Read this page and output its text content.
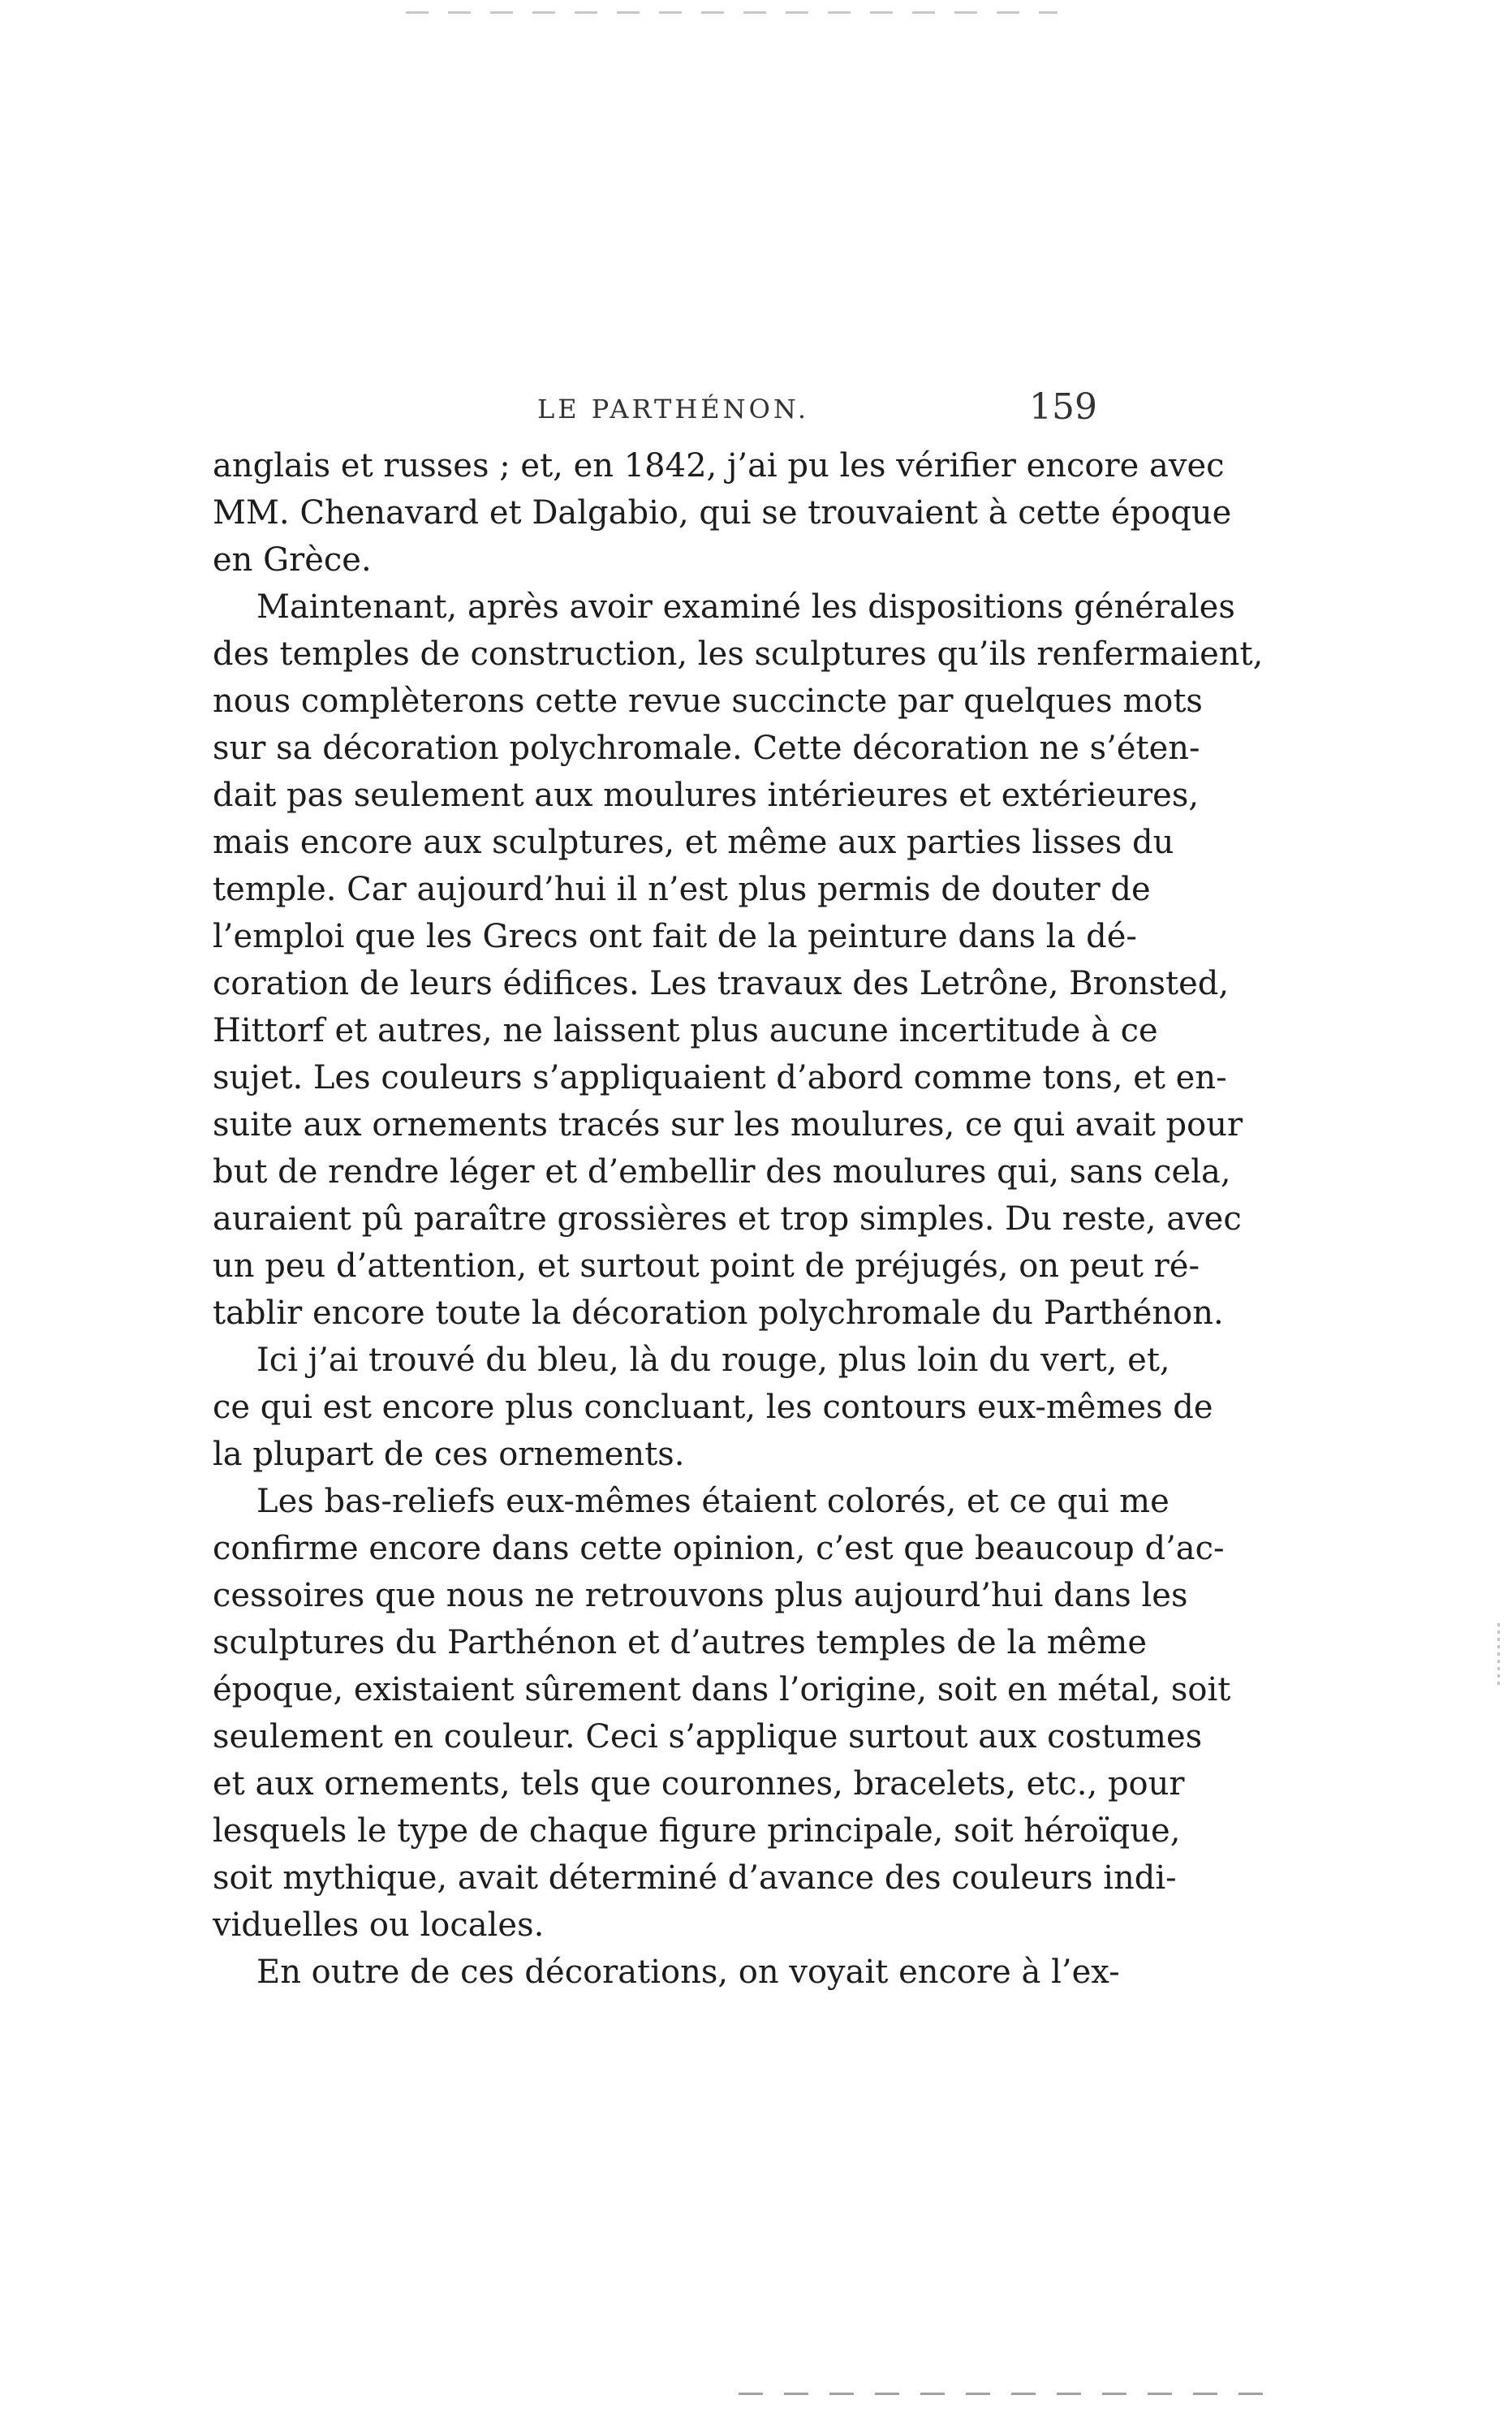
LE PARTHÉNON.	159
anglais et russes ; et, en 1842, j’ai pu les vérifier encore avec
MM. Chenavard et Dalgabio, qui se trouvaient à cette époque
en Grèce.
Maintenant, après avoir examiné les dispositions générales
des temples de construction, les sculptures qu’ils renfermaient,
nous complèterons cette revue succincte par quelques mots
sur sa décoration polychromale. Cette décoration ne s’éten-
dait pas seulement aux moulures intérieures et extérieures,
mais encore aux sculptures, et même aux parties lisses du
temple. Car aujourd’hui il n’est plus permis de douter de
l’emploi que les Grecs ont fait de la peinture dans la dé-
coration de leurs édifices. Les travaux des Letrône, Bronsted,
Hittorf et autres, ne laissent plus aucune incertitude à ce
sujet. Les couleurs s’appliquaient d’abord comme tons, et en-
suite aux ornements tracés sur les moulures, ce qui avait pour
but de rendre léger et d’embellir des moulures qui, sans cela,
auraient pû paraître grossières et trop simples. Du reste, avec
un peu d’attention, et surtout point de préjugés, on peut ré-
tablir encore toute la décoration polychromale du Parthénon.
Ici j’ai trouvé du bleu, là du rouge, plus loin du vert, et,
ce qui est encore plus concluant, les contours eux-mêmes de
la plupart de ces ornements.
Les bas-reliefs eux-mêmes étaient colorés, et ce qui me
confirme encore dans cette opinion, c’est que beaucoup d’ac-
cessoires que nous ne retrouvons plus aujourd’hui dans les
sculptures du Parthénon et d’autres temples de la même
époque, existaient sûrement dans l’origine, soit en métal, soit
seulement en couleur. Ceci s’applique surtout aux costumes
et aux ornements, tels que couronnes, bracelets, etc., pour
lesquels le type de chaque figure principale, soit héroïque,
soit mythique, avait déterminé d’avance des couleurs indi-
viduelles ou locales.
En outre de ces décorations, on voyait encore à l’ex-
